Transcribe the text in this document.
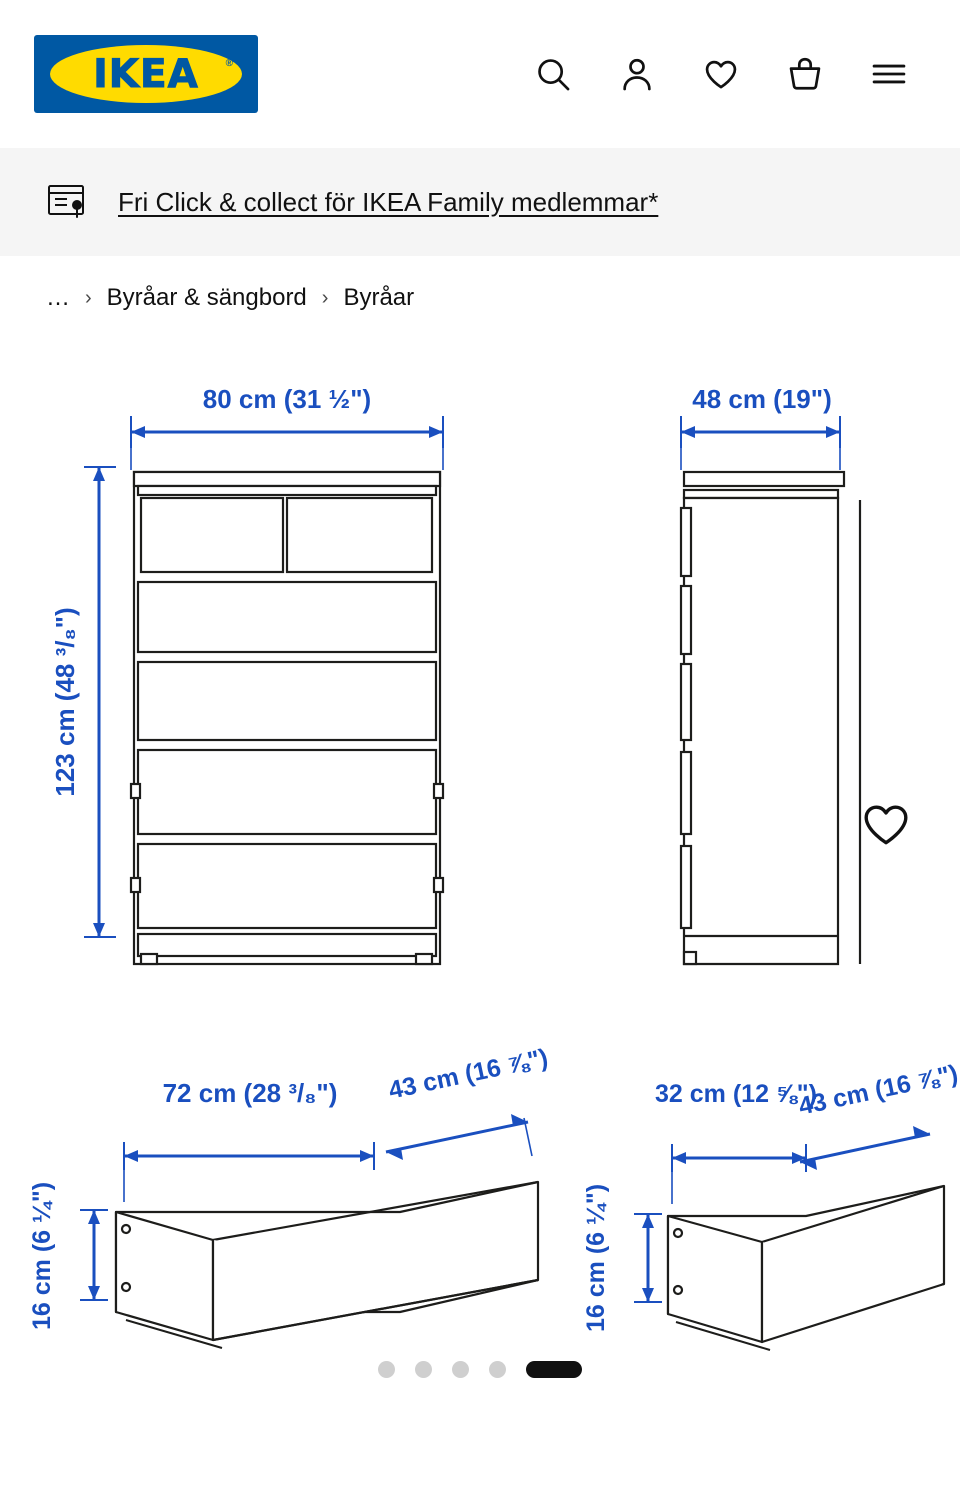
IKEA	®
Fri Click & collect för IKEA Family medlemmar*
… › Byråar & sängbord › Byråar
80 cm (31 ½")
123 cm (48 ³/₈")
48 cm (19")
72 cm (28 ³/₈") 43 cm (16 ⅞")
16 cm (6 ¼")
32 cm (12 ⅝")
43 cm (16 ⅞")
16 cm (6 ¼")
